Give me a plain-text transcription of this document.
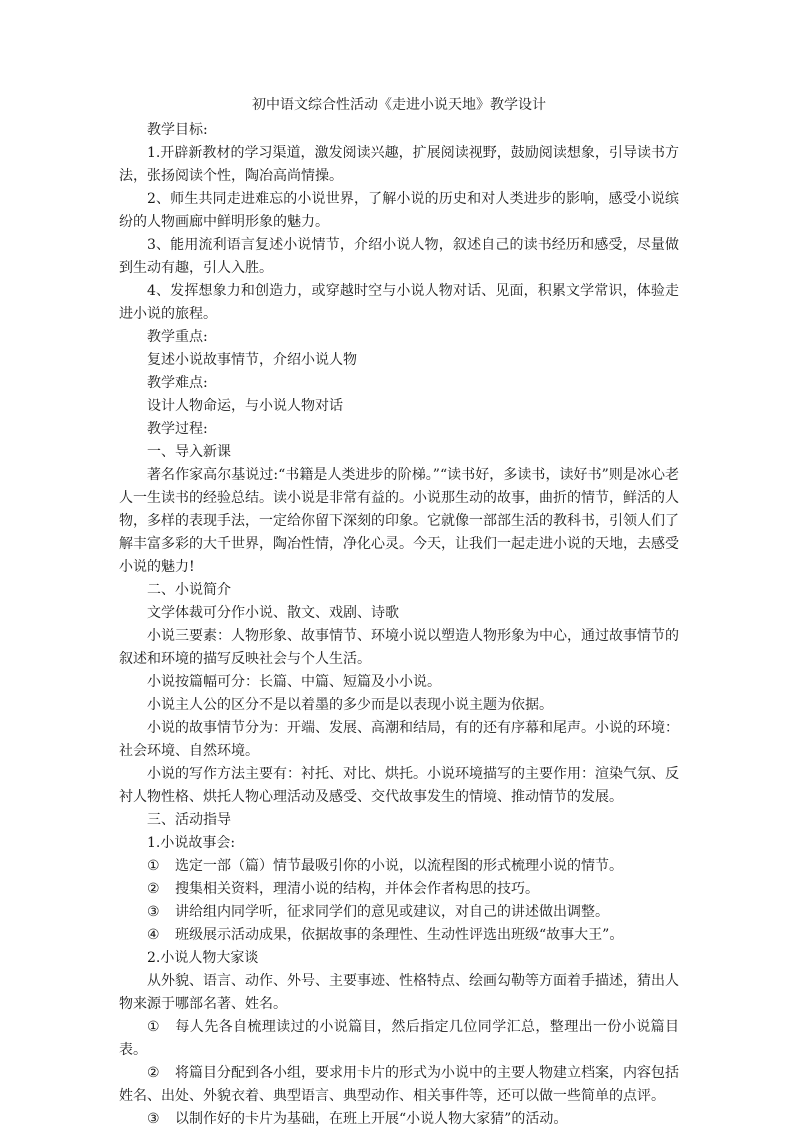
初中语文综合性活动《走进小说天地》教学设计

教学目标:

1.开辟新教材的学习渠道，激发阅读兴趣，扩展阅读视野，鼓励阅读想象，引导读书方法，张扬阅读个性，陶冶高尚情操。

2、师生共同走进难忘的小说世界，了解小说的历史和对人类进步的影响，感受小说缤纷的人物画廊中鲜明形象的魅力。

3、能用流利语言复述小说情节，介绍小说人物，叙述自己的读书经历和感受，尽量做到生动有趣，引人入胜。

4、发挥想象力和创造力，或穿越时空与小说人物对话、见面，积累文学常识，体验走进小说的旅程。

教学重点:

复述小说故事情节，介绍小说人物

教学难点:

设计人物命运，与小说人物对话

教学过程:

一、导入新课

著名作家高尔基说过:“书籍是人类进步的阶梯。”“读书好，多读书，读好书”则是冰心老人一生读书的经验总结。读小说是非常有益的。小说那生动的故事，曲折的情节，鲜活的人物，多样的表现手法，一定给你留下深刻的印象。它就像一部部生活的教科书，引领人们了解丰富多彩的大千世界，陶冶性情，净化心灵。今天，让我们一起走进小说的天地，去感受小说的魅力!

二、小说简介

文学体裁可分作小说、散文、戏剧、诗歌

小说三要素：人物形象、故事情节、环境小说以塑造人物形象为中心，通过故事情节的叙述和环境的描写反映社会与个人生活。

小说按篇幅可分：长篇、中篇、短篇及小小说。

小说主人公的区分不是以着墨的多少而是以表现小说主题为依据。

小说的故事情节分为：开端、发展、高潮和结局，有的还有序幕和尾声。小说的环境：社会环境、自然环境。

小说的写作方法主要有：衬托、对比、烘托。小说环境描写的主要作用：渲染气氛、反衬人物性格、烘托人物心理活动及感受、交代故事发生的情境、推动情节的发展。

三、活动指导

1.小说故事会:

① 选定一部（篇）情节最吸引你的小说，以流程图的形式梳理小说的情节。

② 搜集相关资料，理清小说的结构，并体会作者构思的技巧。

③ 讲给组内同学听，征求同学们的意见或建议，对自己的讲述做出调整。

④ 班级展示活动成果，依据故事的条理性、生动性评选出班级“故事大王”。

2.小说人物大家谈

从外貌、语言、动作、外号、主要事迹、性格特点、绘画勾勒等方面着手描述，猜出人物来源于哪部名著、姓名。

① 每人先各自梳理读过的小说篇目，然后指定几位同学汇总，整理出一份小说篇目表。

② 将篇目分配到各小组，要求用卡片的形式为小说中的主要人物建立档案，内容包括姓名、出处、外貌衣着、典型语言、典型动作、相关事件等，还可以做一些简单的点评。

③ 以制作好的卡片为基础，在班上开展“小说人物大家猜”的活动。
